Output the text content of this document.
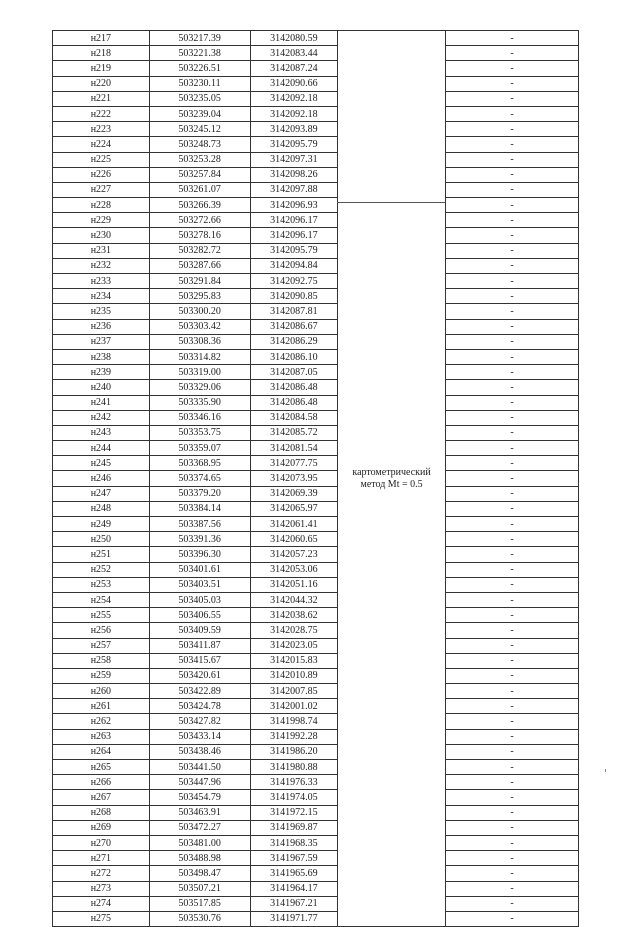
н217	503217.39	3142080.59	картометрический
метод Mt = 0.5	-
н218	503221.38	3142083.44		-
н219	503226.51	3142087.24		-
н220	503230.11	3142090.66		-
н221	503235.05	3142092.18		-
н222	503239.04	3142092.18		-
н223	503245.12	3142093.89		-
н224	503248.73	3142095.79		-
н225	503253.28	3142097.31		-
н226	503257.84	3142098.26		-
н227	503261.07	3142097.88		-
н228	503266.39	3142096.93		-
н229	503272.66	3142096.17		-
н230	503278.16	3142096.17		-
н231	503282.72	3142095.79		-
н232	503287.66	3142094.84		-
н233	503291.84	3142092.75		-
н234	503295.83	3142090.85		-
н235	503300.20	3142087.81		-
н236	503303.42	3142086.67		-
н237	503308.36	3142086.29		-
н238	503314.82	3142086.10		-
н239	503319.00	3142087.05		-
н240	503329.06	3142086.48		-
н241	503335.90	3142086.48		-
н242	503346.16	3142084.58		-
н243	503353.75	3142085.72		-
н244	503359.07	3142081.54		-
н245	503368.95	3142077.75		-
н246	503374.65	3142073.95		-
н247	503379.20	3142069.39		-
н248	503384.14	3142065.97		-
н249	503387.56	3142061.41		-
н250	503391.36	3142060.65		-
н251	503396.30	3142057.23		-
н252	503401.61	3142053.06		-
н253	503403.51	3142051.16		-
н254	503405.03	3142044.32		-
н255	503406.55	3142038.62		-
н256	503409.59	3142028.75		-
н257	503411.87	3142023.05		-
н258	503415.67	3142015.83		-
н259	503420.61	3142010.89		-
н260	503422.89	3142007.85		-
н261	503424.78	3142001.02		-
н262	503427.82	3141998.74		-
н263	503433.14	3141992.28		-
н264	503438.46	3141986.20		-
н265	503441.50	3141980.88		-
н266	503447.96	3141976.33		-
н267	503454.79	3141974.05		-
н268	503463.91	3141972.15		-
н269	503472.27	3141969.87		-
н270	503481.00	3141968.35		-
н271	503488.98	3141967.59		-
н272	503498.47	3141965.69		-
н273	503507.21	3141964.17		-
н274	503517.85	3141967.21		-
н275	503530.76	3141971.77		-
